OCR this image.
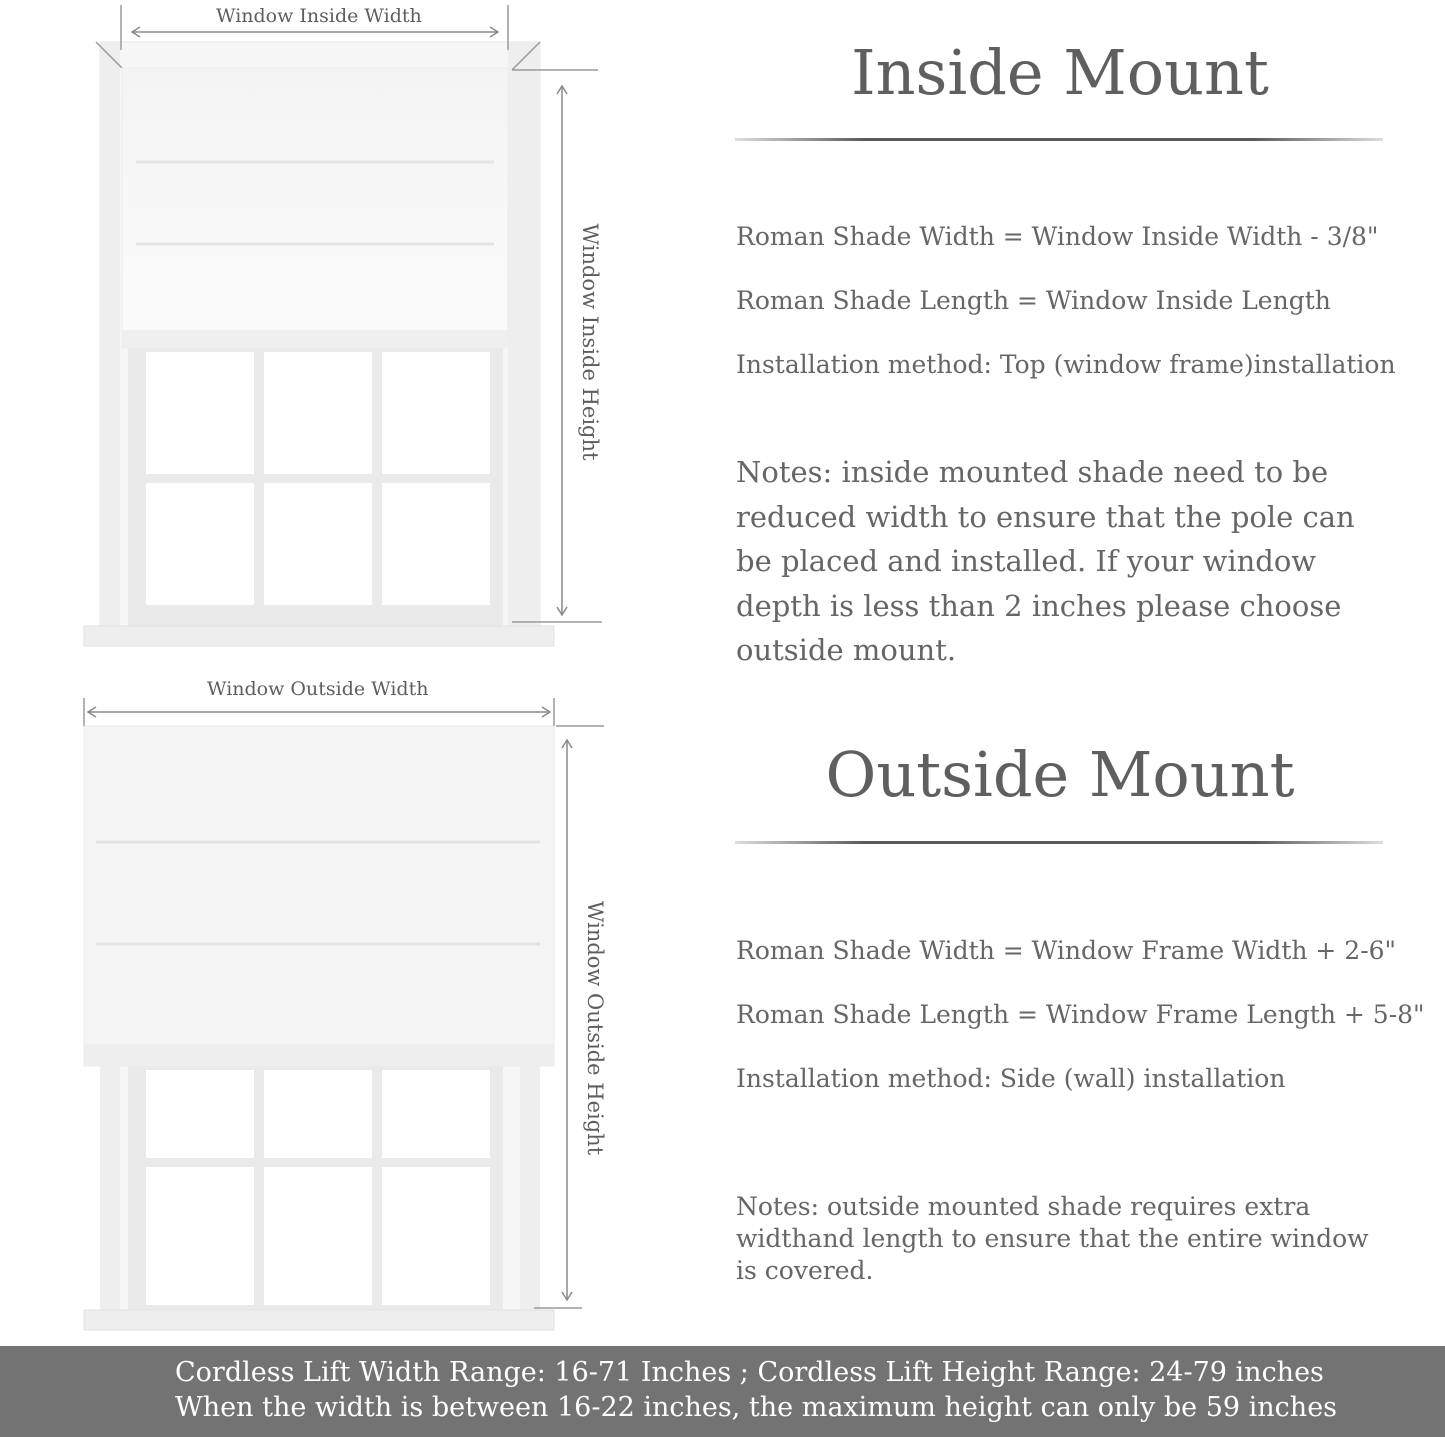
Window Inside Width
Window Inside Height
Window Outside Width
Window Outside Height
Inside Mount
Roman Shade Width = Window Inside Width - 3/8"
Roman Shade Length = Window Inside Length
Installation method: Top (window frame)installation
Notes: inside mounted shade need to be reduced width to ensure that the pole can be placed and installed. If your window depth is less than 2 inches please choose outside mount.
Outside Mount
Roman Shade Width = Window Frame Width + 2-6"
Roman Shade Length = Window Frame Length + 5-8"
Installation method: Side (wall) installation
Notes: outside mounted shade requires extra widthand length to ensure that the entire window is covered.
Cordless Lift Width Range: 16-71 Inches ; Cordless Lift Height Range: 24-79 inches
When the width is between 16-22 inches, the maximum height can only be 59 inches
